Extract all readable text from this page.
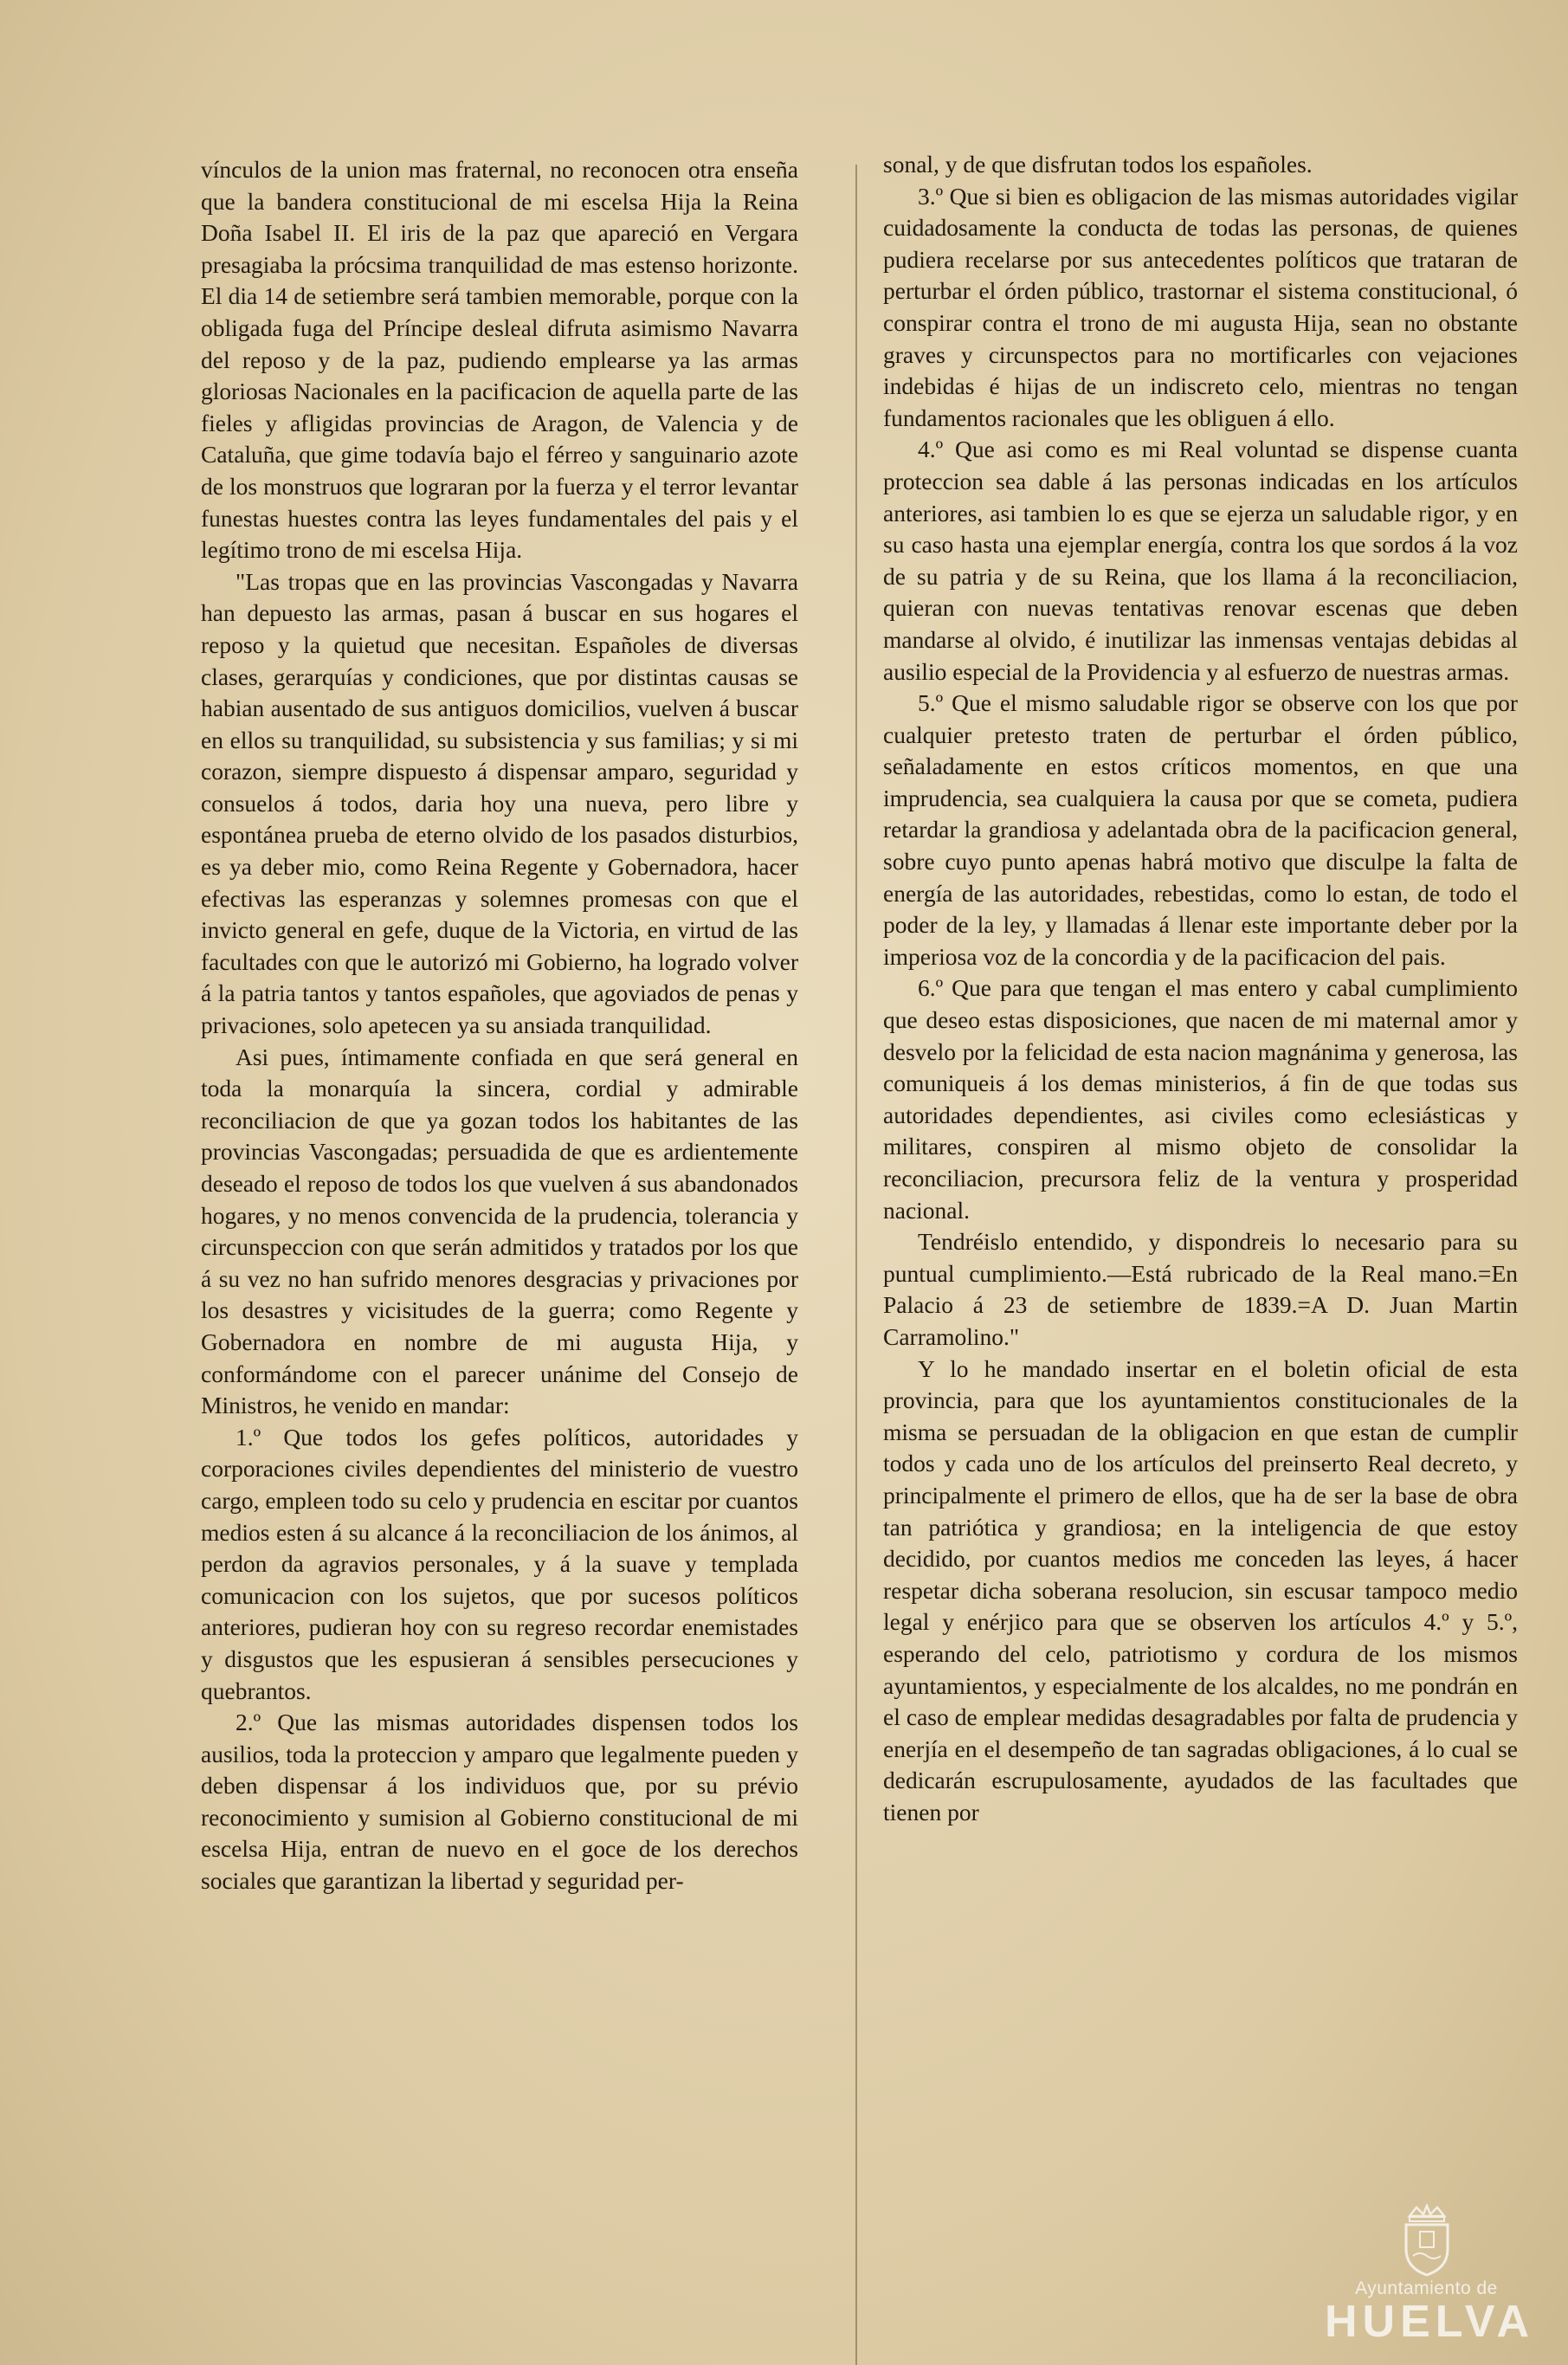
vínculos de la union mas fraternal, no reconocen otra enseña que la bandera constitucional de mi escelsa Hija la Reina Doña Isabel II. El iris de la paz que apareció en Vergara presagiaba la prócsima tranquilidad de mas estenso horizonte. El dia 14 de setiembre será tambien memorable, porque con la obligada fuga del Príncipe desleal difruta asimismo Navarra del reposo y de la paz, pudiendo emplearse ya las armas gloriosas Nacionales en la pacificacion de aquella parte de las fieles y afligidas provincias de Aragon, de Valencia y de Cataluña, que gime todavía bajo el férreo y sanguinario azote de los monstruos que lograran por la fuerza y el terror levantar funestas huestes contra las leyes fundamentales del pais y el legítimo trono de mi escelsa Hija.

"Las tropas que en las provincias Vascongadas y Navarra han depuesto las armas, pasan á buscar en sus hogares el reposo y la quietud que necesitan. Españoles de diversas clases, gerarquías y condiciones, que por distintas causas se habian ausentado de sus antiguos domicilios, vuelven á buscar en ellos su tranquilidad, su subsistencia y sus familias; y si mi corazon, siempre dispuesto á dispensar amparo, seguridad y consuelos á todos, daria hoy una nueva, pero libre y espontánea prueba de eterno olvido de los pasados disturbios, es ya deber mio, como Reina Regente y Gobernadora, hacer efectivas las esperanzas y solemnes promesas con que el invicto general en gefe, duque de la Victoria, en virtud de las facultades con que le autorizó mi Gobierno, ha logrado volver á la patria tantos y tantos españoles, que agoviados de penas y privaciones, solo apetecen ya su ansiada tranquilidad.

Asi pues, íntimamente confiada en que será general en toda la monarquía la sincera, cordial y admirable reconciliacion de que ya gozan todos los habitantes de las provincias Vascongadas; persuadida de que es ardientemente deseado el reposo de todos los que vuelven á sus abandonados hogares, y no menos convencida de la prudencia, tolerancia y circunspeccion con que serán admitidos y tratados por los que á su vez no han sufrido menores desgracias y privaciones por los desastres y vicisitudes de la guerra; como Regente y Gobernadora en nombre de mi augusta Hija, y conformándome con el parecer unánime del Consejo de Ministros, he venido en mandar:

1.º Que todos los gefes políticos, autoridades y corporaciones civiles dependientes del ministerio de vuestro cargo, empleen todo su celo y prudencia en escitar por cuantos medios esten á su alcance á la reconciliacion de los ánimos, al perdon da agravios personales, y á la suave y templada comunicacion con los sujetos, que por sucesos políticos anteriores, pudieran hoy con su regreso recordar enemistades y disgustos que les espusieran á sensibles persecuciones y quebrantos.

2.º Que las mismas autoridades dispensen todos los ausilios, toda la proteccion y amparo que legalmente pueden y deben dispensar á los individuos que, por su prévio reconocimiento y sumision al Gobierno constitucional de mi escelsa Hija, entran de nuevo en el goce de los derechos sociales que garantizan la libertad y seguridad per-

sonal, y de que disfrutan todos los españoles.

3.º Que si bien es obligacion de las mismas autoridades vigilar cuidadosamente la conducta de todas las personas, de quienes pudiera recelarse por sus antecedentes políticos que trataran de perturbar el órden público, trastornar el sistema constitucional, ó conspirar contra el trono de mi augusta Hija, sean no obstante graves y circunspectos para no mortificarles con vejaciones indebidas é hijas de un indiscreto celo, mientras no tengan fundamentos racionales que les obliguen á ello.

4.º Que asi como es mi Real voluntad se dispense cuanta proteccion sea dable á las personas indicadas en los artículos anteriores, asi tambien lo es que se ejerza un saludable rigor, y en su caso hasta una ejemplar energía, contra los que sordos á la voz de su patria y de su Reina, que los llama á la reconciliacion, quieran con nuevas tentativas renovar escenas que deben mandarse al olvido, é inutilizar las inmensas ventajas debidas al ausilio especial de la Providencia y al esfuerzo de nuestras armas.

5.º Que el mismo saludable rigor se observe con los que por cualquier pretesto traten de perturbar el órden público, señaladamente en estos críticos momentos, en que una imprudencia, sea cualquiera la causa por que se cometa, pudiera retardar la grandiosa y adelantada obra de la pacificacion general, sobre cuyo punto apenas habrá motivo que disculpe la falta de energía de las autoridades, rebestidas, como lo estan, de todo el poder de la ley, y llamadas á llenar este importante deber por la imperiosa voz de la concordia y de la pacificacion del pais.

6.º Que para que tengan el mas entero y cabal cumplimiento que deseo estas disposiciones, que nacen de mi maternal amor y desvelo por la felicidad de esta nacion magnánima y generosa, las comuniqueis á los demas ministerios, á fin de que todas sus autoridades dependientes, asi civiles como eclesiásticas y militares, conspiren al mismo objeto de consolidar la reconciliacion, precursora feliz de la ventura y prosperidad nacional.

Tendréislo entendido, y dispondreis lo necesario para su puntual cumplimiento.—Está rubricado de la Real mano.=En Palacio á 23 de setiembre de 1839.=A D. Juan Martin Carramolino."

Y lo he mandado insertar en el boletin oficial de esta provincia, para que los ayuntamientos constitucionales de la misma se persuadan de la obligacion en que estan de cumplir todos y cada uno de los artículos del preinserto Real decreto, y principalmente el primero de ellos, que ha de ser la base de obra tan patriótica y grandiosa; en la inteligencia de que estoy decidido, por cuantos medios me conceden las leyes, á hacer respetar dicha soberana resolucion, sin escusar tampoco medio legal y enérjico para que se observen los artículos 4.º y 5.º, esperando del celo, patriotismo y cordura de los mismos ayuntamientos, y especialmente de los alcaldes, no me pondrán en el caso de emplear medidas desagradables por falta de prudencia y enerjía en el desempeño de tan sagradas obligaciones, á lo cual se dedicarán escrupulosamente, ayudados de las facultades que tienen por

Ayuntamiento de
HUELVA
